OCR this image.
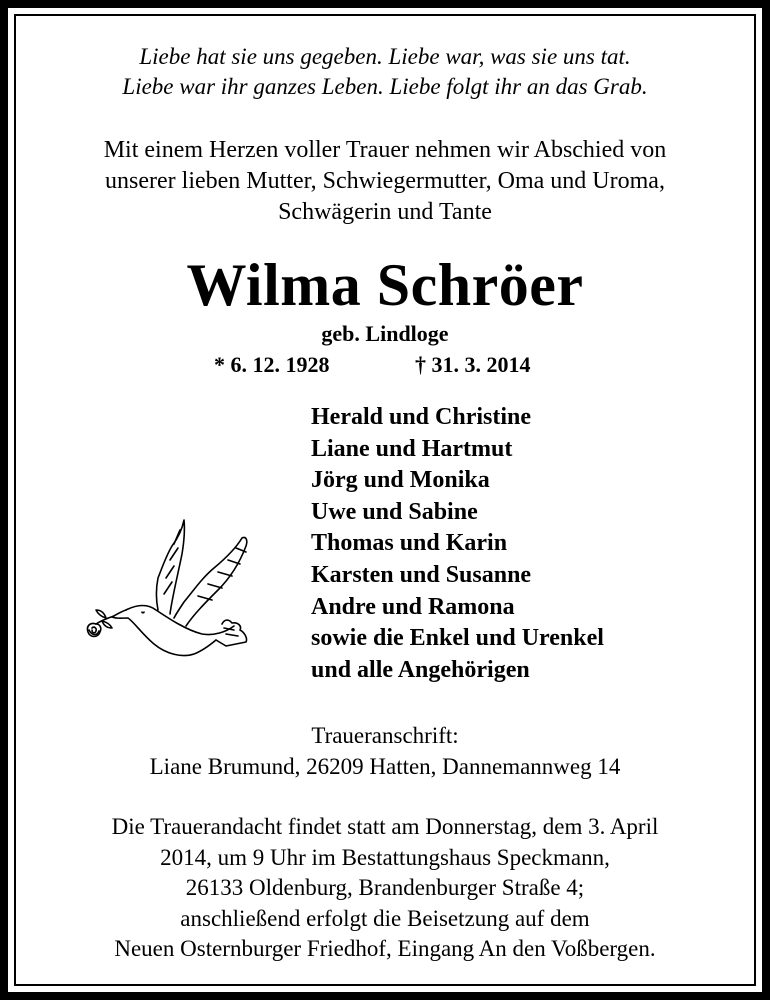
Liebe hat sie uns gegeben. Liebe war, was sie uns tat.
Liebe war ihr ganzes Leben. Liebe folgt ihr an das Grab.
Mit einem Herzen voller Trauer nehmen wir Abschied von
unserer lieben Mutter, Schwiegermutter, Oma und Uroma,
Schwägerin und Tante
Wilma Schröer
geb. Lindloge
* 6. 12. 1928	† 31. 3. 2014
Herald und Christine
Liane und Hartmut
Jörg und Monika
Uwe und Sabine
Thomas und Karin
Karsten und Susanne
Andre und Ramona
sowie die Enkel und Urenkel
und alle Angehörigen
Traueranschrift:
Liane Brumund, 26209 Hatten, Dannemannweg 14
Die Trauerandacht findet statt am Donnerstag, dem 3. April
2014, um 9 Uhr im Bestattungshaus Speckmann,
26133 Oldenburg, Brandenburger Straße 4;
anschließend erfolgt die Beisetzung auf dem
Neuen Osternburger Friedhof, Eingang An den Voßbergen.
